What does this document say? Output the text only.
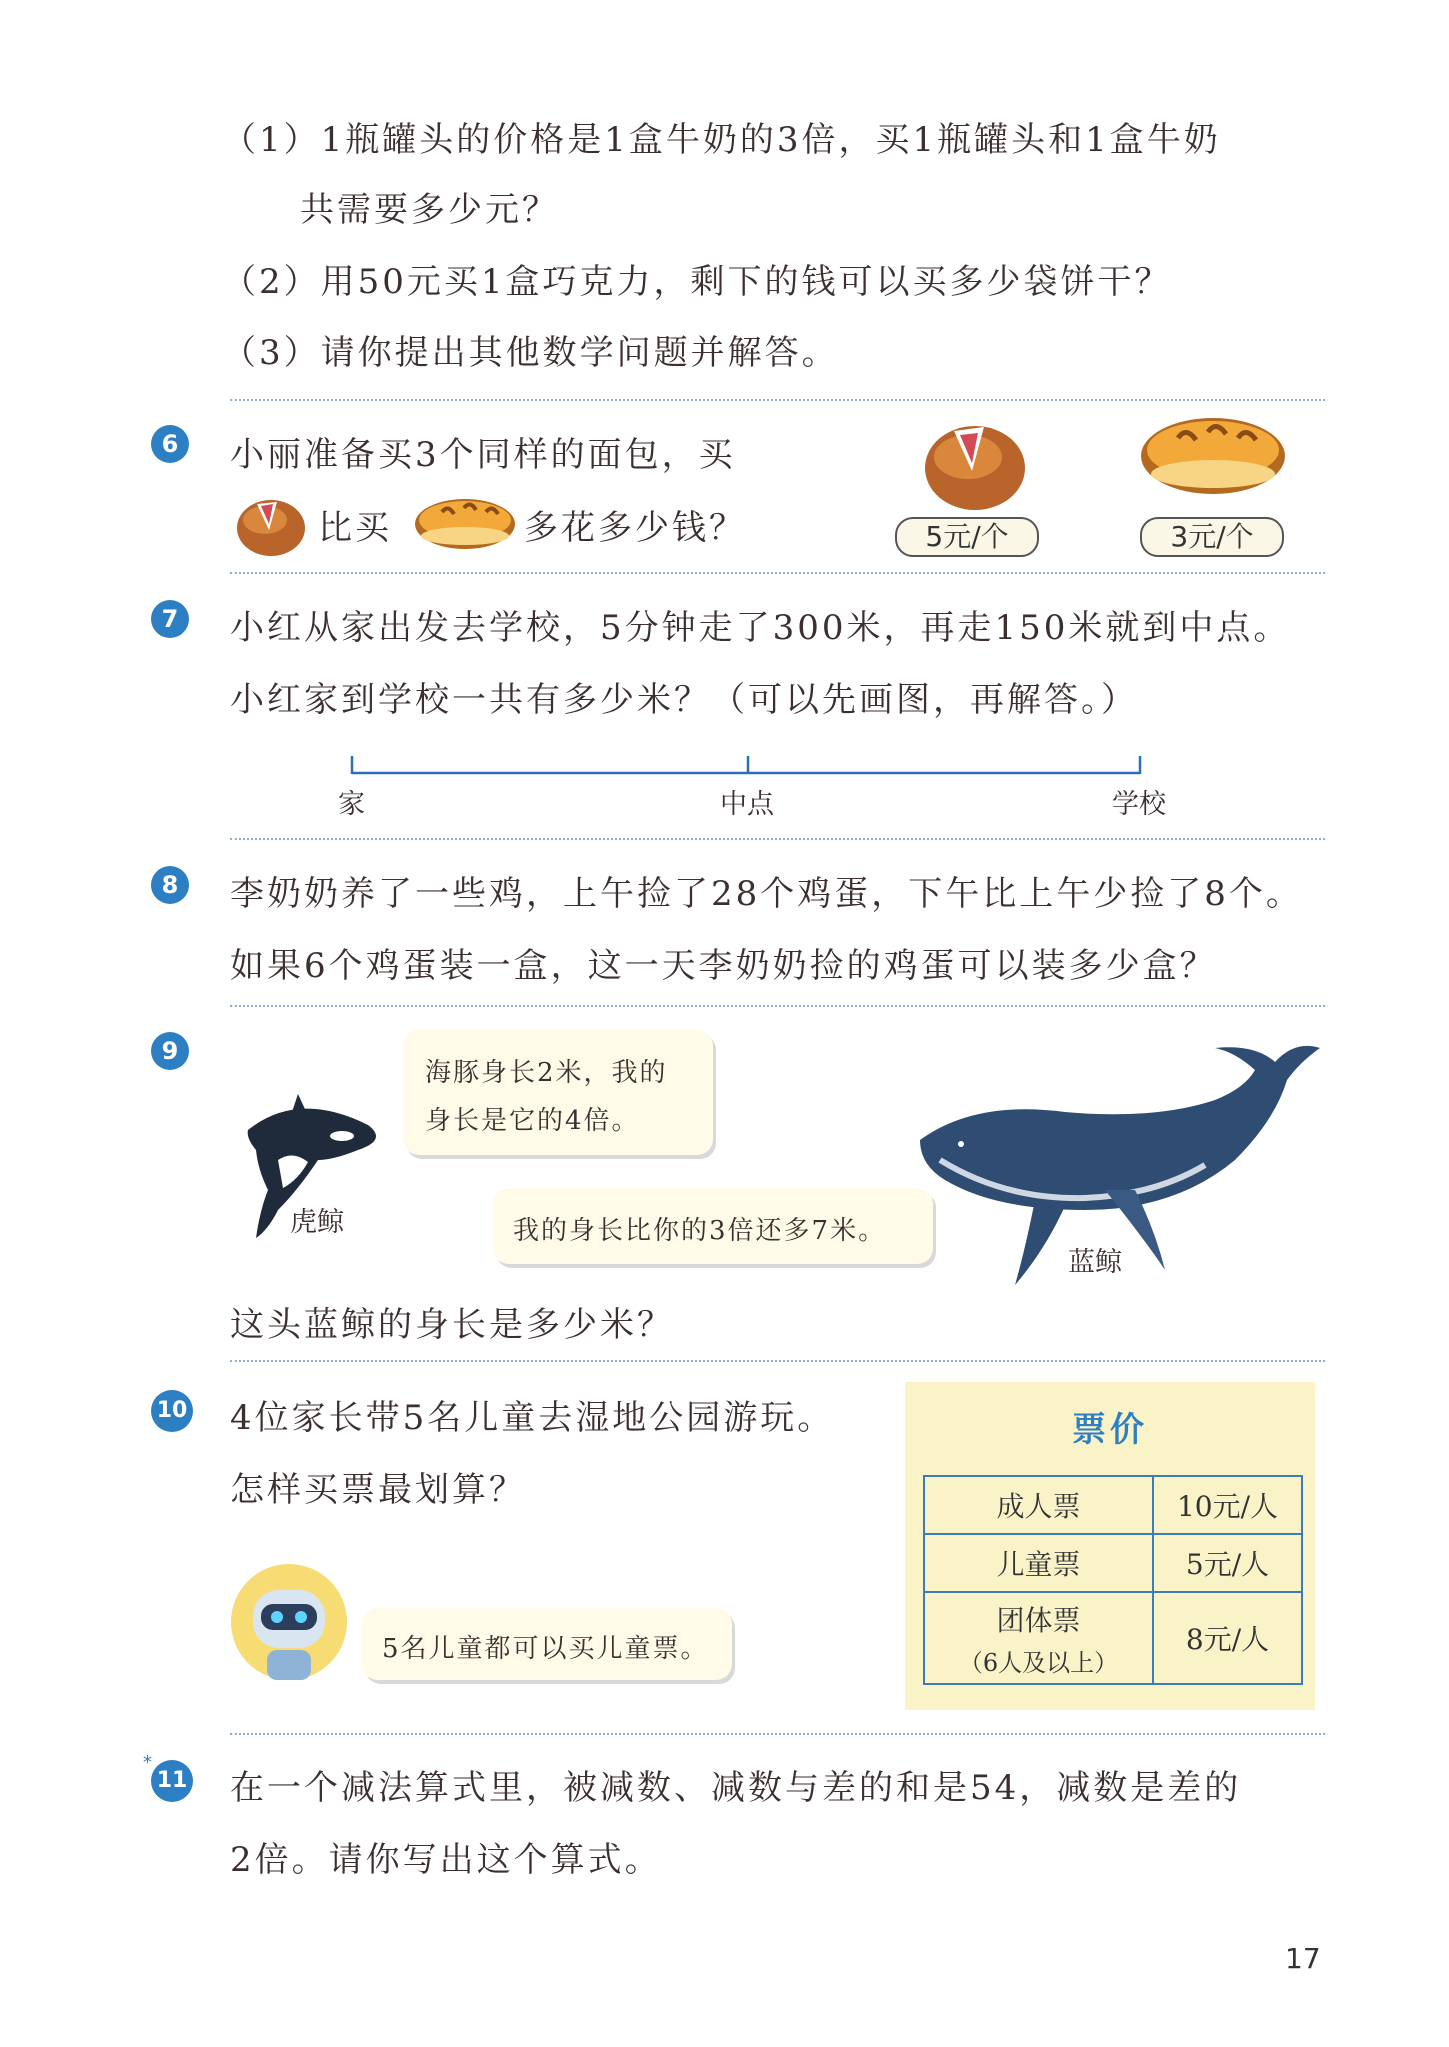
（1）1瓶罐头的价格是1盒牛奶的3倍，买1瓶罐头和1盒牛奶
共需要多少元？
（2）用50元买1盒巧克力，剩下的钱可以买多少袋饼干？
（3）请你提出其他数学问题并解答。
6	小丽准备买3个同样的面包，买
比买	多花多少钱？	5元/个	3元/个
7	小红从家出发去学校，5分钟走了300米，再走150米就到中点。
小红家到学校一共有多少米？（可以先画图，再解答。）
家	中点	学校
8	李奶奶养了一些鸡，上午捡了28个鸡蛋，下午比上午少捡了8个。
如果6个鸡蛋装一盒，这一天李奶奶捡的鸡蛋可以装多少盒？
9
海豚身长2米，我的
身长是它的4倍。
虎鲸	我的身长比你的3倍还多7米。
蓝鲸
这头蓝鲸的身长是多少米？
10 4位家长带5名儿童去湿地公园游玩。
怎样买票最划算？
5名儿童都可以买儿童票。
票价
成人票	10元/人
儿童票	5元/人

团体票
（6人及以上）	8元/人
*
11 在一个减法算式里，被减数、减数与差的和是54，减数是差的
2倍。请你写出这个算式。
17
